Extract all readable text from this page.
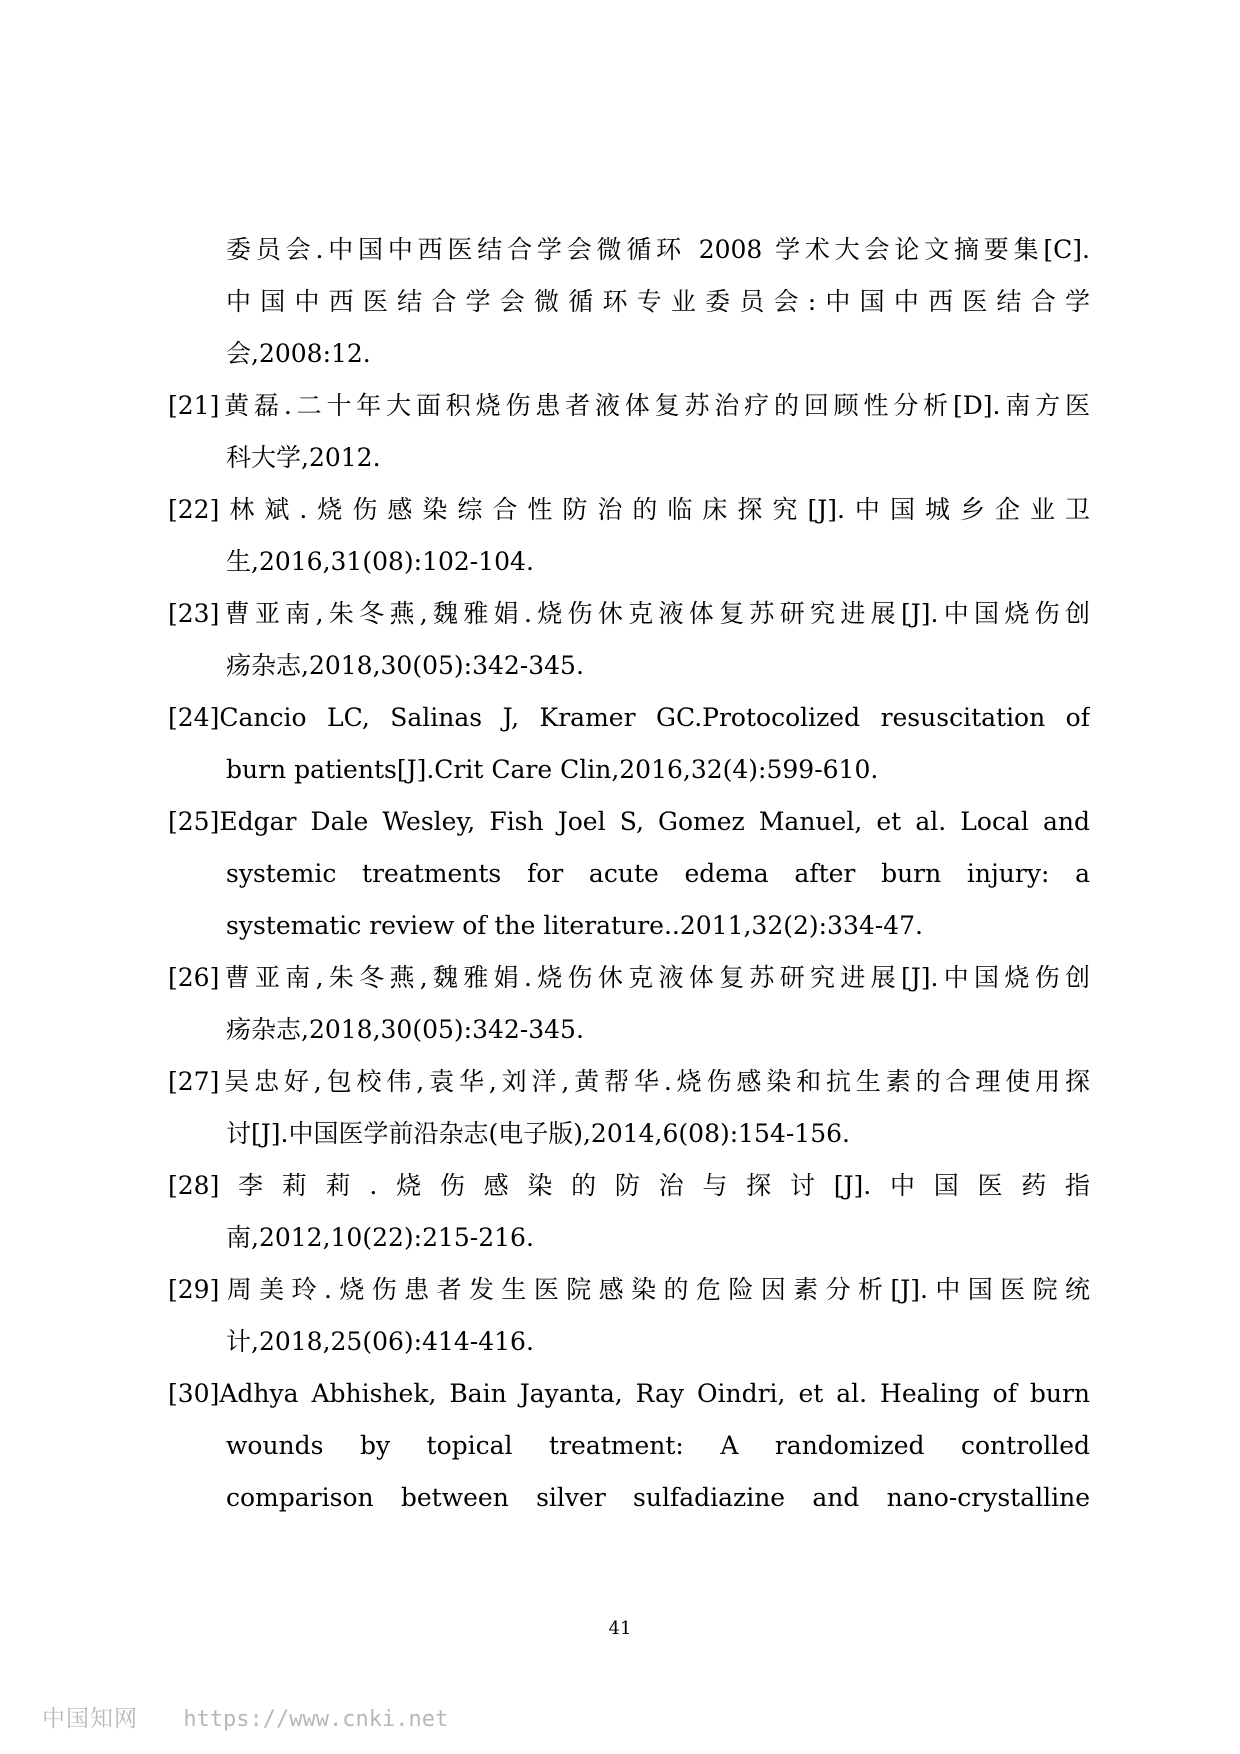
委员会.中国中西医结合学会微循环 2008 学术大会论文摘要集[C].
中国中西医结合学会微循环专业委员会:中国中西医结合学
会,2008:12.
[21]黄磊.二十年大面积烧伤患者液体复苏治疗的回顾性分析[D].南方医
科大学,2012.
[22]林斌.烧伤感染综合性防治的临床探究[J].中国城乡企业卫
生,2016,31(08):102-104.
[23]曹亚南,朱冬燕,魏雅娟.烧伤休克液体复苏研究进展[J].中国烧伤创
疡杂志,2018,30(05):342-345.
[24]Cancio LC, Salinas J, Kramer GC.Protocolized resuscitation of
burn patients[J].Crit Care Clin,2016,32(4):599-610.
[25]Edgar Dale Wesley, Fish Joel S, Gomez Manuel, et al. Local and
systemic treatments for acute edema after burn injury: a
systematic review of the literature..2011,32(2):334-47.
[26]曹亚南,朱冬燕,魏雅娟.烧伤休克液体复苏研究进展[J].中国烧伤创
疡杂志,2018,30(05):342-345.
[27]吴忠好,包校伟,袁华,刘洋,黄帮华.烧伤感染和抗生素的合理使用探
讨[J].中国医学前沿杂志(电子版),2014,6(08):154-156.
[28]李莉莉.烧伤感染的防治与探讨[J].中国医药指
南,2012,10(22):215-216.
[29]周美玲.烧伤患者发生医院感染的危险因素分析[J].中国医院统
计,2018,25(06):414-416.
[30]Adhya Abhishek, Bain Jayanta, Ray Oindri, et al. Healing of burn
wounds by topical treatment: A randomized controlled
comparison between silver sulfadiazine and nano-crystalline
41
中国知网 https://www.cnki.net
